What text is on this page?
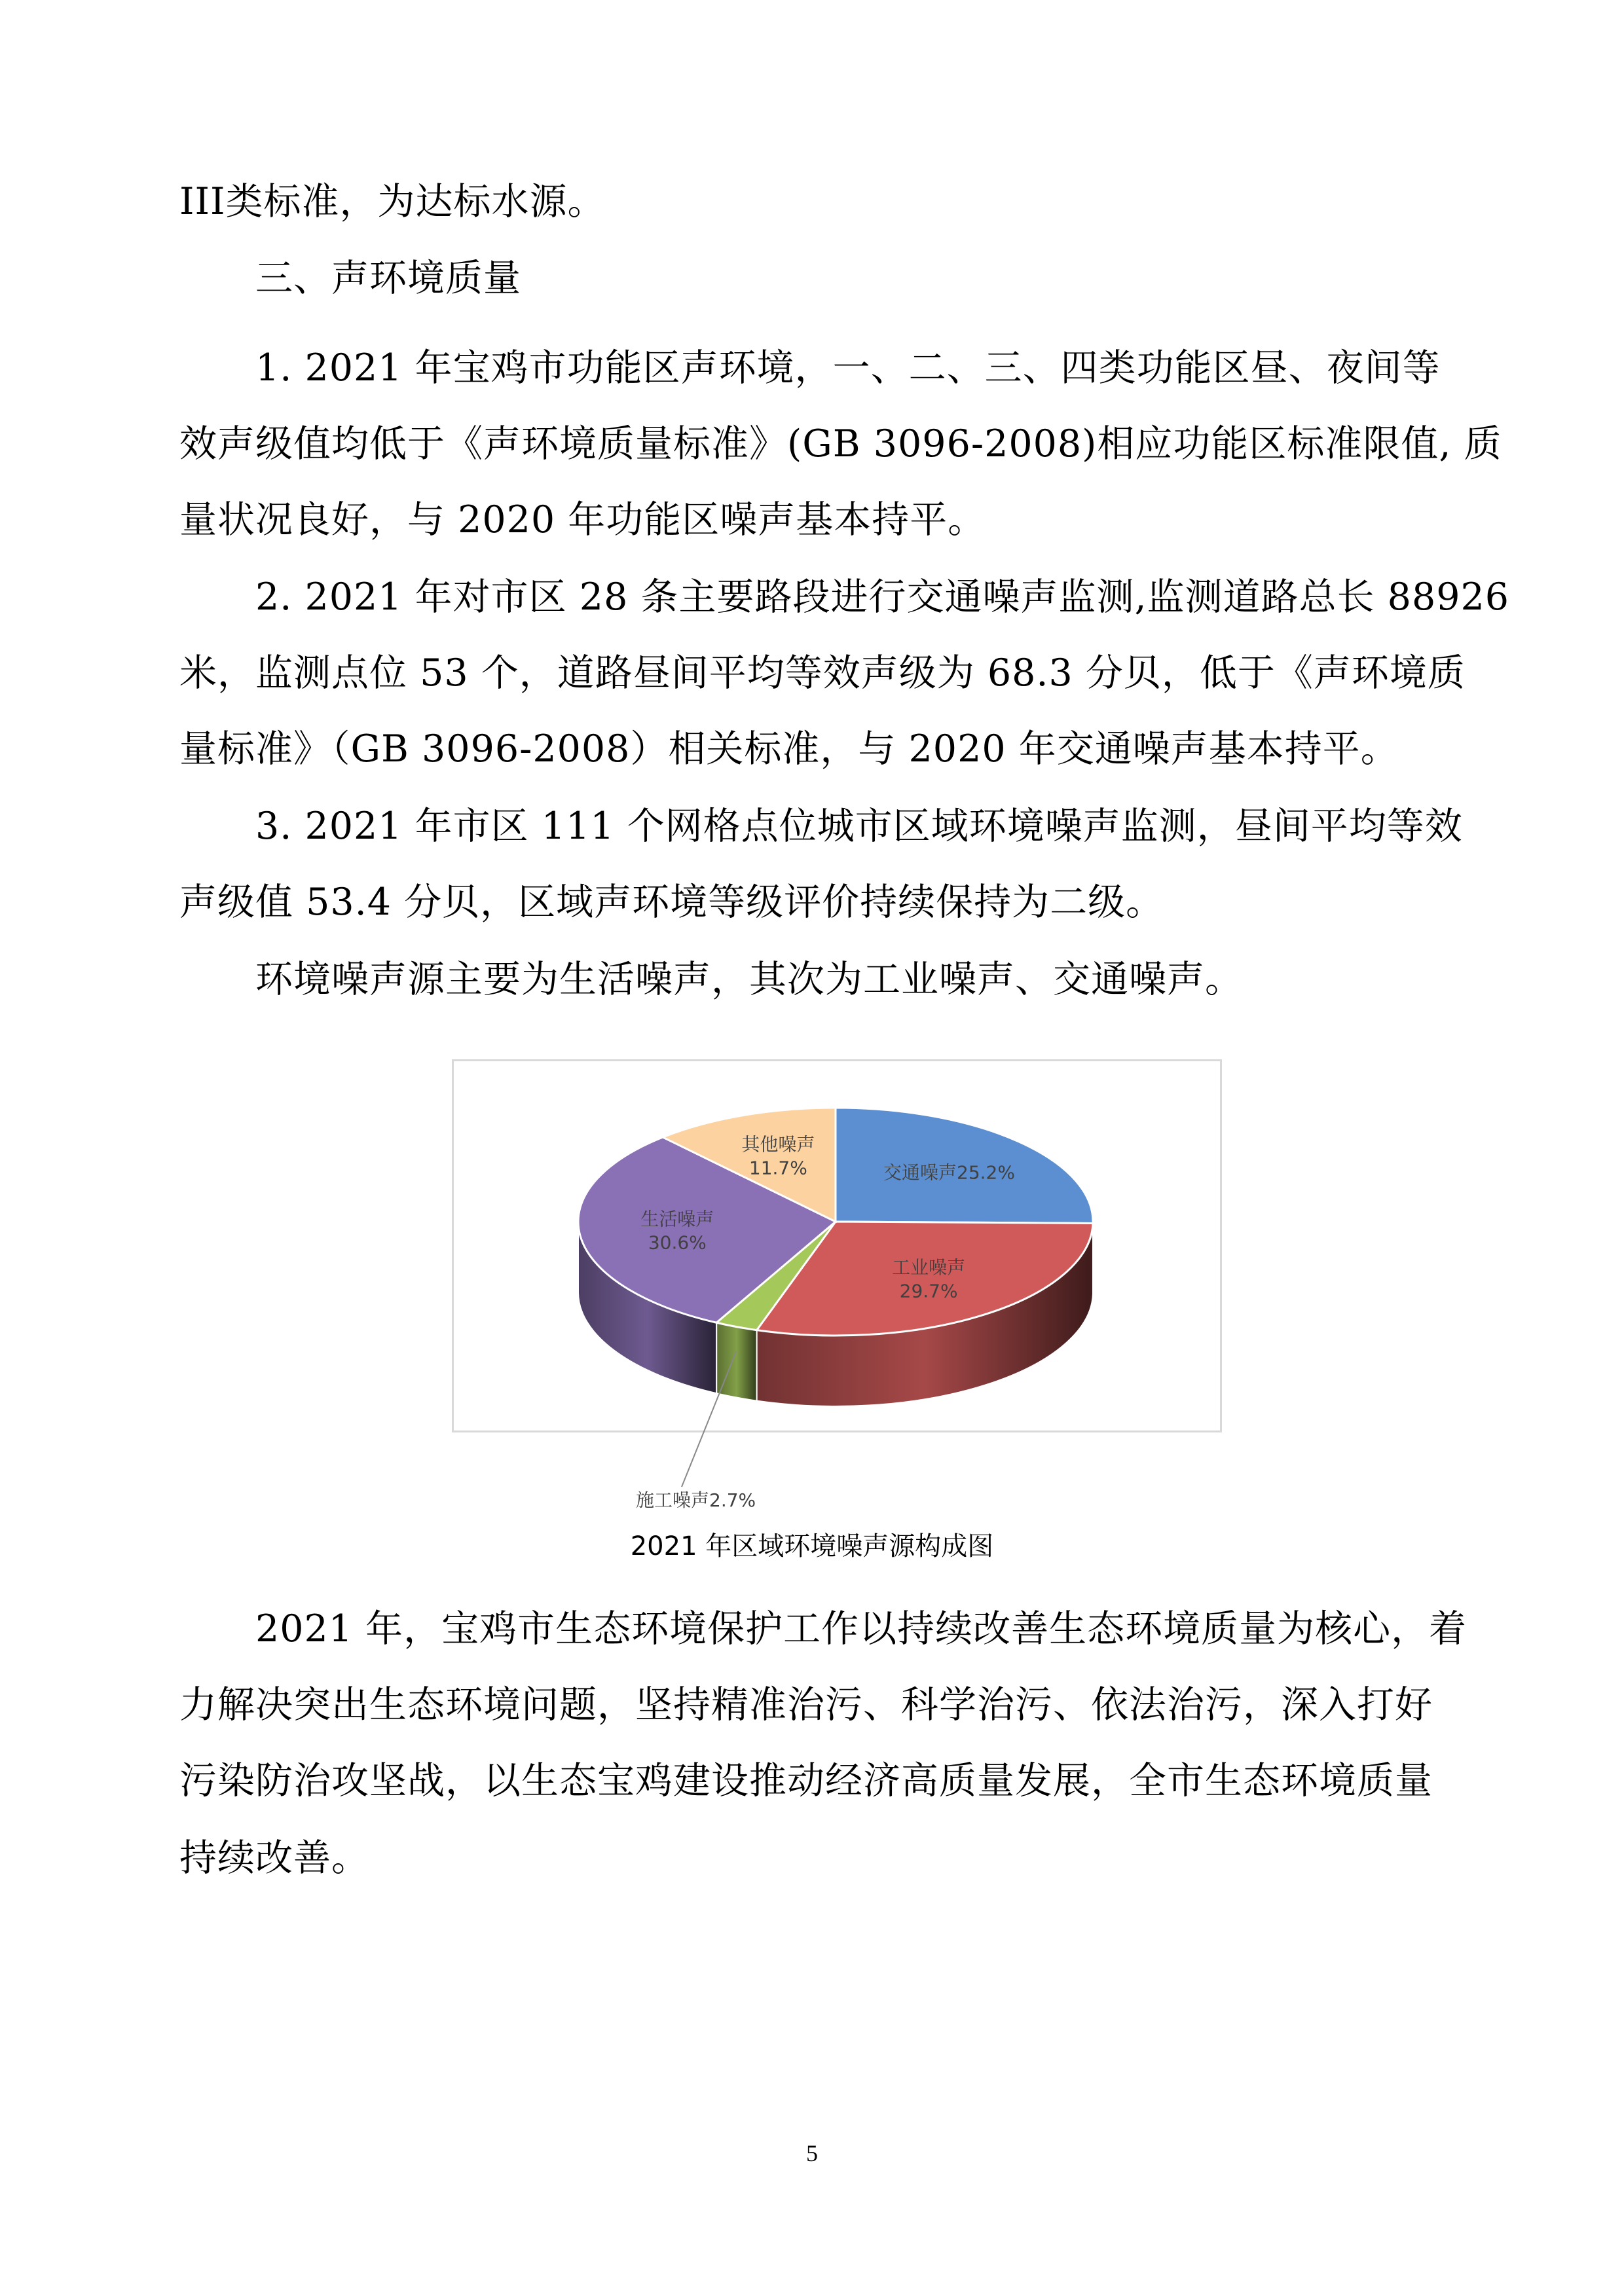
III类标准，为达标水源。

三、声环境质量

1. 2021 年宝鸡市功能区声环境，一、二、三、四类功能区昼、夜间等

效声级值均低于《声环境质量标准》(GB 3096-2008)相应功能区标准限值, 质

量状况良好，与 2020 年功能区噪声基本持平。

2. 2021 年对市区 28 条主要路段进行交通噪声监测,监测道路总长 88926

米，监测点位 53 个，道路昼间平均等效声级为 68.3 分贝，低于《声环境质

量标准》（GB 3096-2008）相关标准，与 2020 年交通噪声基本持平。

3. 2021 年市区 111 个网格点位城市区域环境噪声监测，昼间平均等效

声级值 53.4 分贝，区域声环境等级评价持续保持为二级。

环境噪声源主要为生活噪声，其次为工业噪声、交通噪声。

交通噪声25.2%
工业噪声
29.7%
施工噪声2.7%
生活噪声
30.6%
其他噪声
11.7%
2021 年区域环境噪声源构成图

2021 年，宝鸡市生态环境保护工作以持续改善生态环境质量为核心，着

力解决突出生态环境问题，坚持精准治污、科学治污、依法治污，深入打好

污染防治攻坚战，以生态宝鸡建设推动经济高质量发展，全市生态环境质量

持续改善。

5
